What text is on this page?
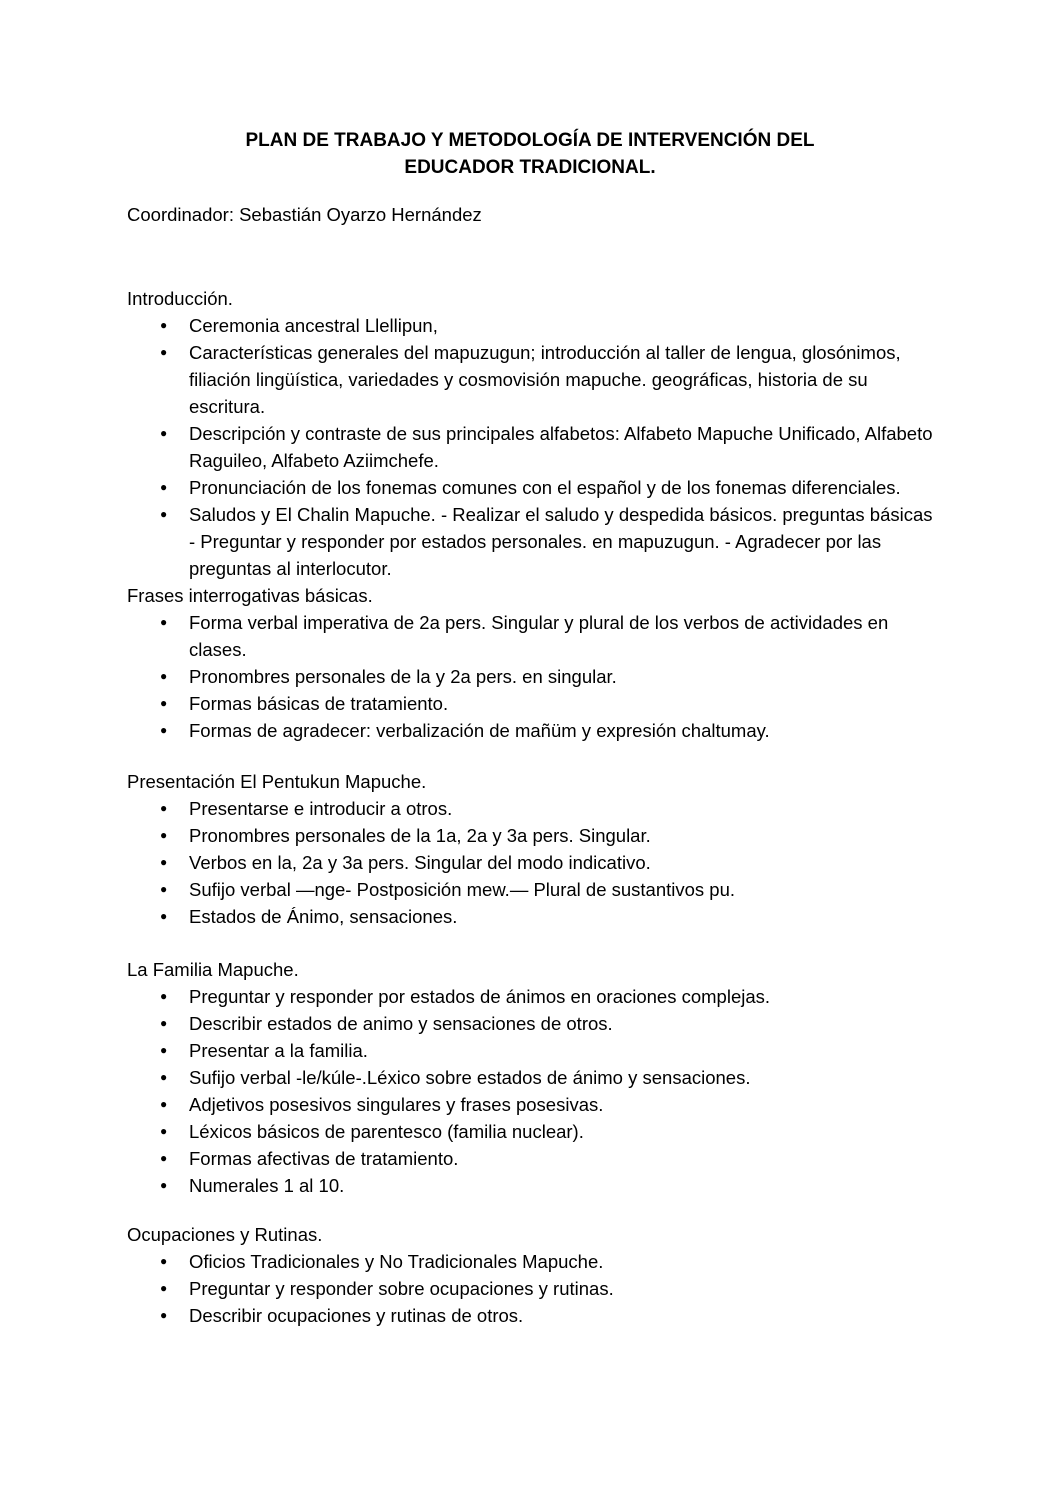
PLAN DE TRABAJO Y METODOLOGÍA DE INTERVENCIÓN DEL
EDUCADOR TRADICIONAL.

Coordinador: Sebastián Oyarzo Hernández

Introducción.

● Ceremonia ancestral Llellipun,
● Características generales del mapuzugun; introducción al taller de lengua, glosónimos, filiación lingüística, variedades y cosmovisión mapuche. geográficas, historia de su escritura.
● Descripción y contraste de sus principales alfabetos: Alfabeto Mapuche Unificado, Alfabeto Raguileo, Alfabeto Aziimchefe.
● Pronunciación de los fonemas comunes con el español y de los fonemas diferenciales.
● Saludos y El Chalin Mapuche. - Realizar el saludo y despedida básicos. preguntas básicas - Preguntar y responder por estados personales. en mapuzugun. - Agradecer por las preguntas al interlocutor.

Frases interrogativas básicas.

● Forma verbal imperativa de 2a pers. Singular y plural de los verbos de actividades en clases.
● Pronombres personales de la y 2a pers. en singular.
● Formas básicas de tratamiento.
● Formas de agradecer: verbalización de mañüm y expresión chaltumay.

Presentación El Pentukun Mapuche.

● Presentarse e introducir a otros.
● Pronombres personales de la 1a, 2a y 3a pers. Singular.
● Verbos en la, 2a y 3a pers. Singular del modo indicativo.
● Sufijo verbal —nge- Postposición mew.— Plural de sustantivos pu.
● Estados de Ánimo, sensaciones.

La Familia Mapuche.

● Preguntar y responder por estados de ánimos en oraciones complejas.
● Describir estados de animo y sensaciones de otros.
● Presentar a la familia.
● Sufijo verbal -le/kúle-.Léxico sobre estados de ánimo y sensaciones.
● Adjetivos posesivos singulares y frases posesivas.
● Léxicos básicos de parentesco (familia nuclear).
● Formas afectivas de tratamiento.
● Numerales 1 al 10.

Ocupaciones y Rutinas.

● Oficios Tradicionales y No Tradicionales Mapuche.
● Preguntar y responder sobre ocupaciones y rutinas.
● Describir ocupaciones y rutinas de otros.
